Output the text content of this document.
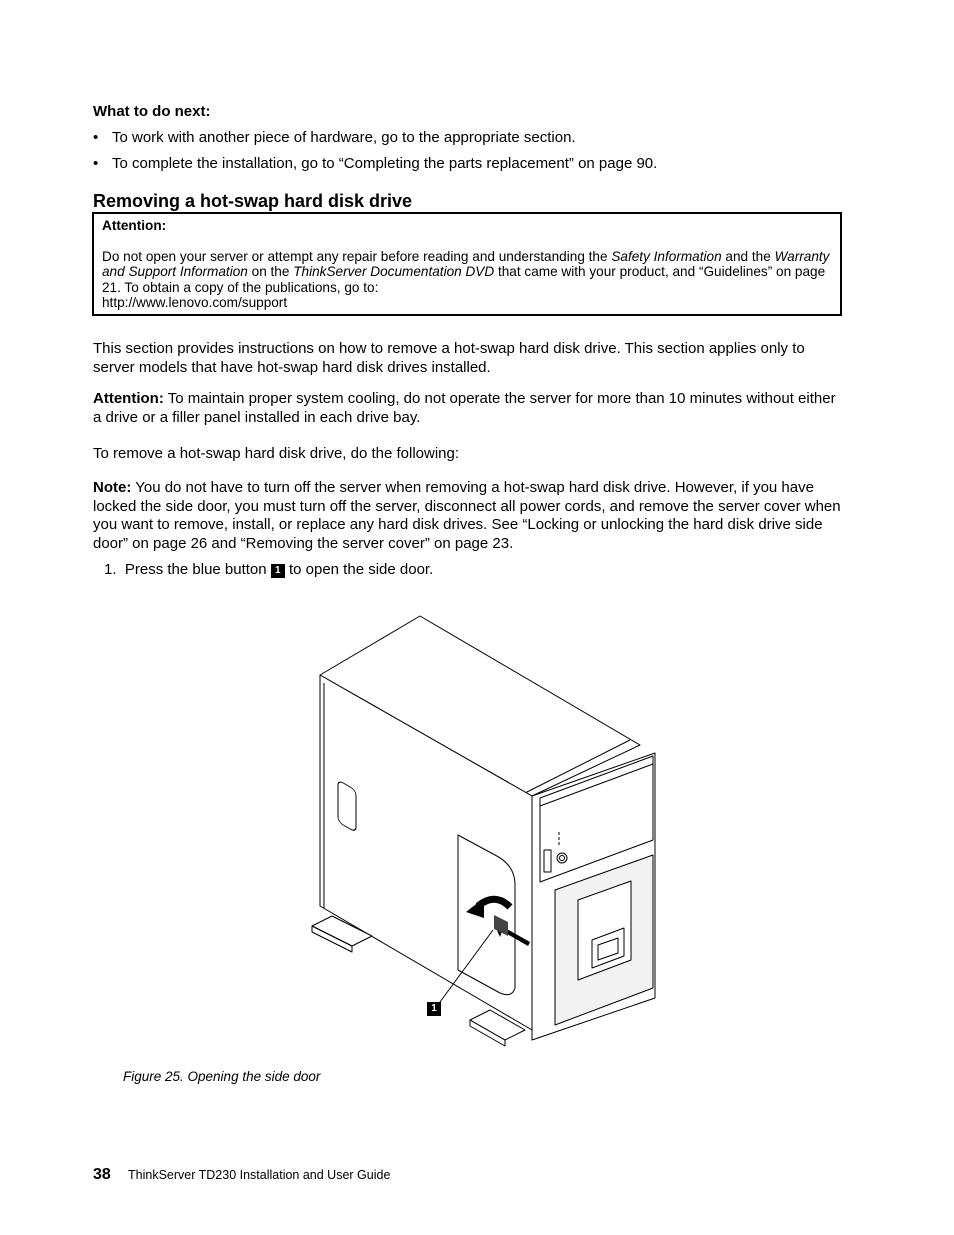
What to do next:
• To work with another piece of hardware, go to the appropriate section.
• To complete the installation, go to “Completing the parts replacement” on page 90.
Removing a hot-swap hard disk drive
Attention:
Do not open your server or attempt any repair before reading and understanding the Safety Information and the Warranty and Support Information on the ThinkServer Documentation DVD that came with your product, and “Guidelines” on page 21. To obtain a copy of the publications, go to:
http://www.lenovo.com/support
This section provides instructions on how to remove a hot-swap hard disk drive. This section applies only to server models that have hot-swap hard disk drives installed.
Attention: To maintain proper system cooling, do not operate the server for more than 10 minutes without either a drive or a filler panel installed in each drive bay.
To remove a hot-swap hard disk drive, do the following:
Note: You do not have to turn off the server when removing a hot-swap hard disk drive. However, if you have locked the side door, you must turn off the server, disconnect all power cords, and remove the server cover when you want to remove, install, or replace any hard disk drives. See “Locking or unlocking the hard disk drive side door” on page 26 and “Removing the server cover” on page 23.
1. Press the blue button 1 to open the side door.
1
Figure 25. Opening the side door
38 ThinkServer TD230 Installation and User Guide
